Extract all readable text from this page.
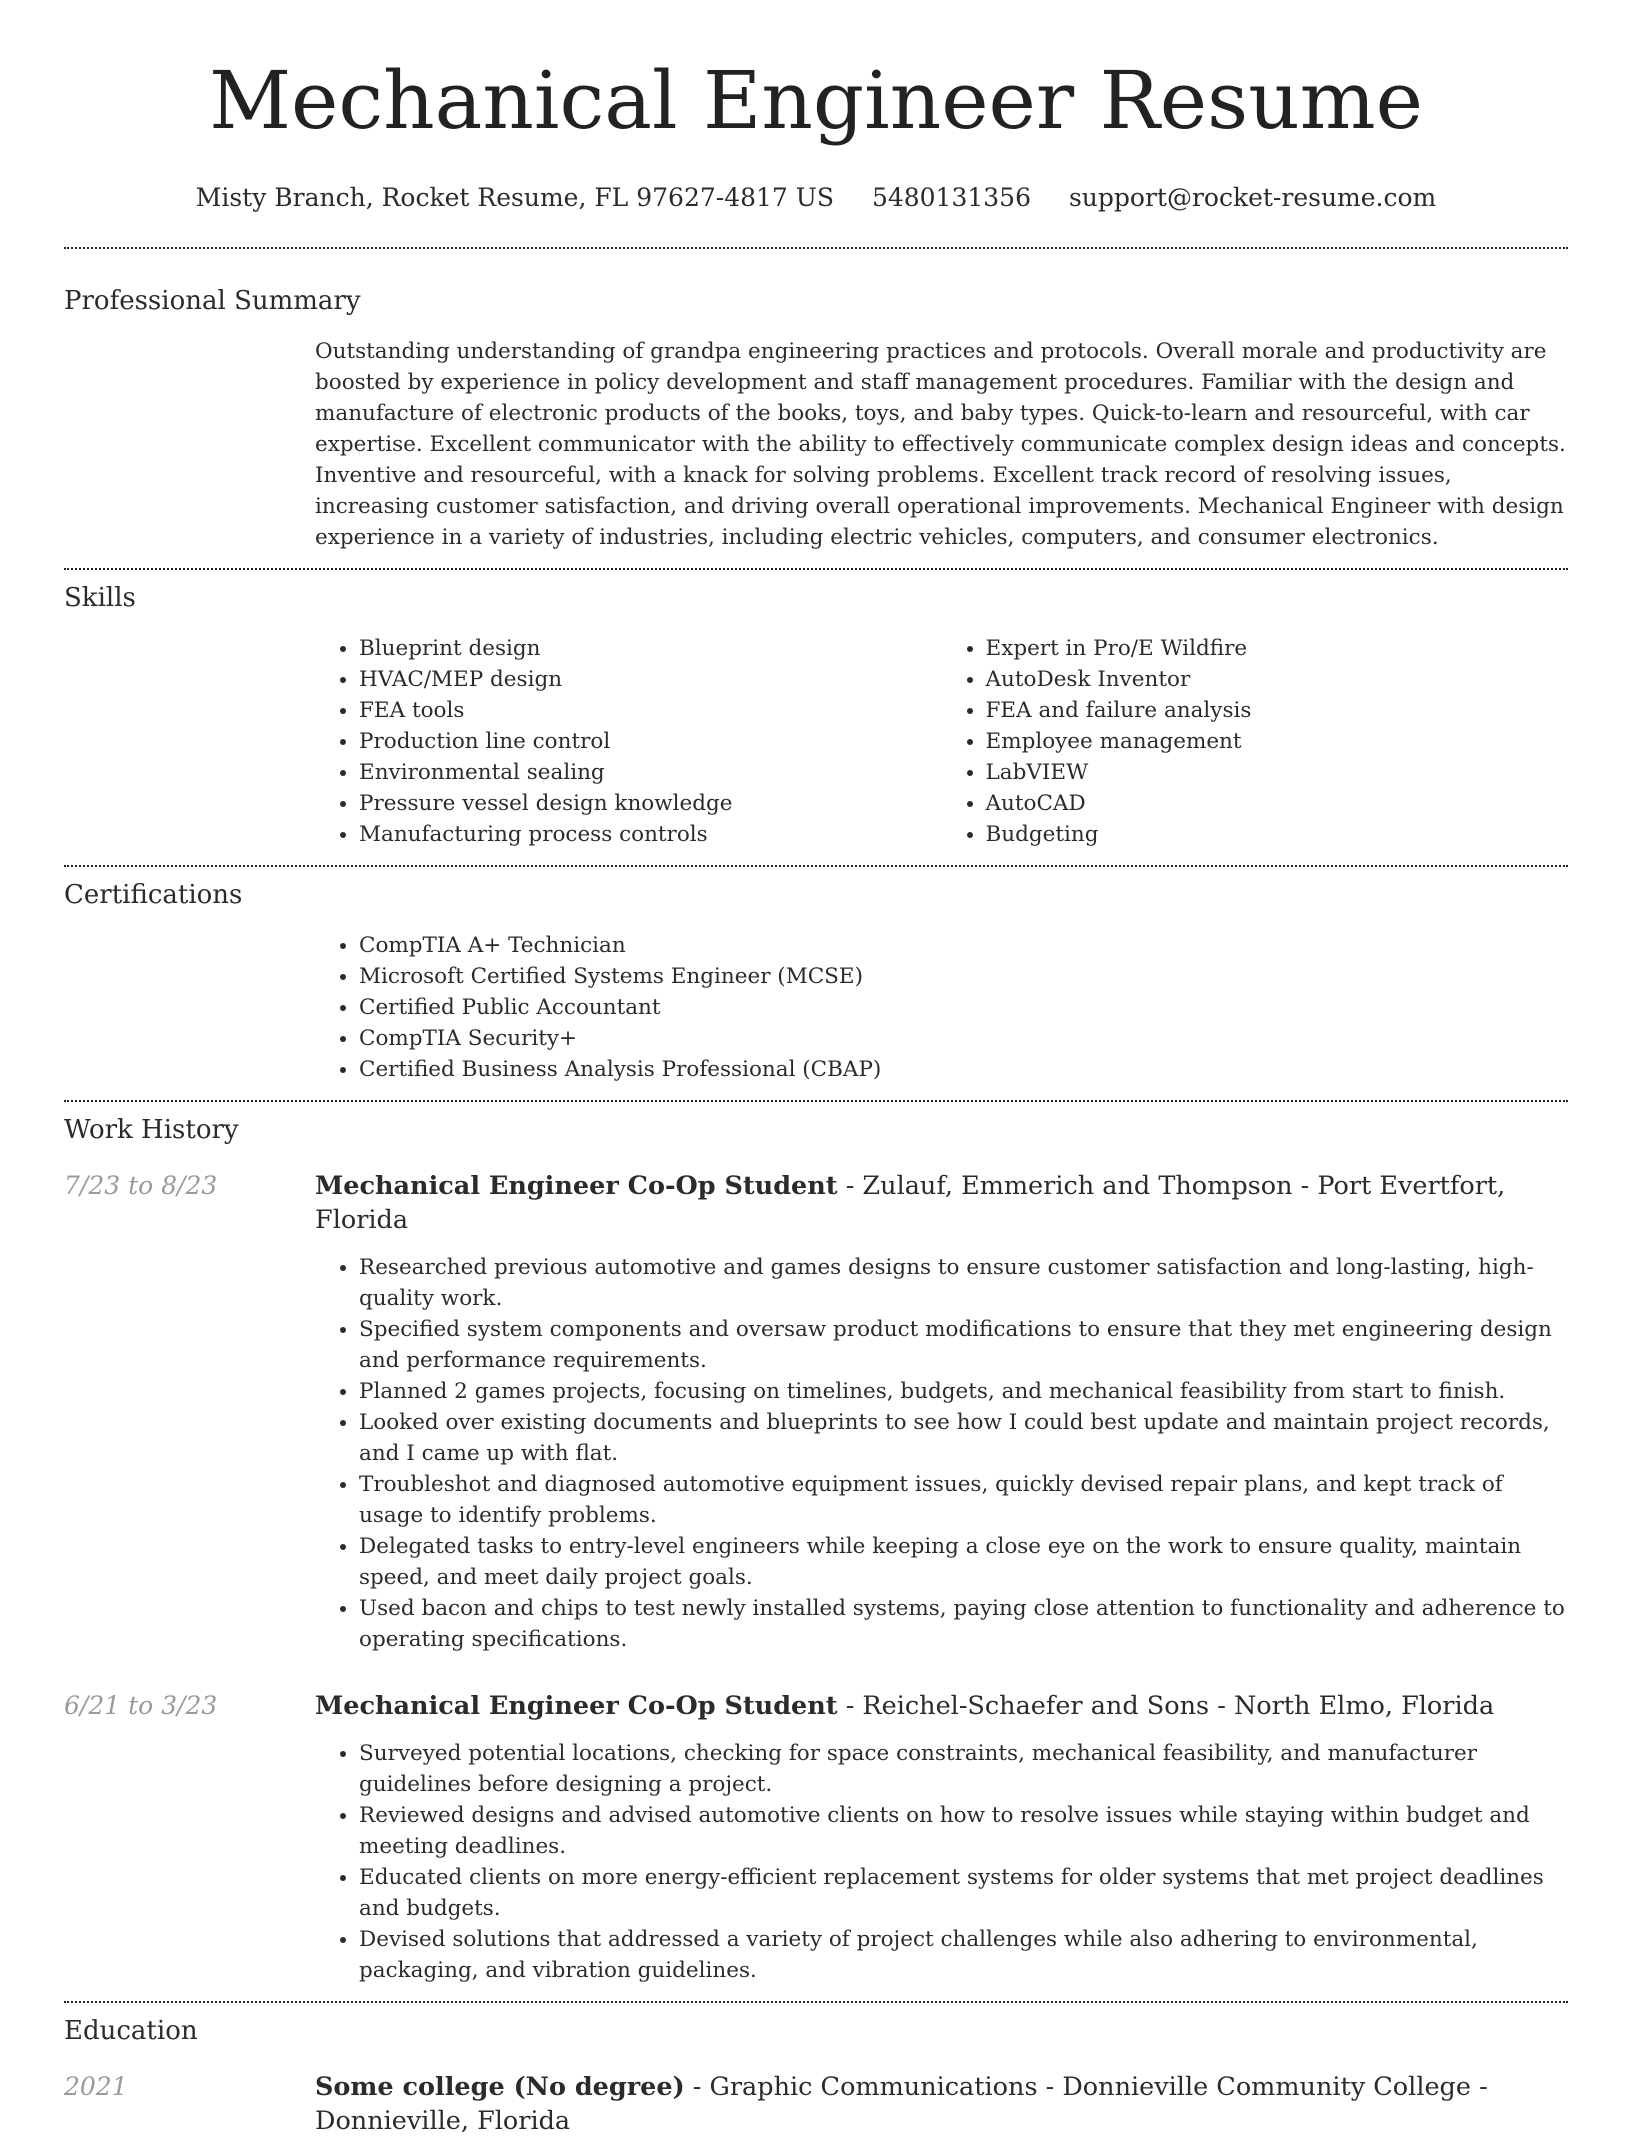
Mechanical Engineer Resume
Misty Branch, Rocket Resume, FL 97627-4817 US 5480131356 support@rocket-resume.com
Professional Summary
Outstanding understanding of grandpa engineering practices and protocols. Overall morale and productivity are boosted by experience in policy development and staff management procedures. Familiar with the design and manufacture of electronic products of the books, toys, and baby types. Quick-to-learn and resourceful, with car expertise. Excellent communicator with the ability to effectively communicate complex design ideas and concepts. Inventive and resourceful, with a knack for solving problems. Excellent track record of resolving issues, increasing customer satisfaction, and driving overall operational improvements. Mechanical Engineer with design experience in a variety of industries, including electric vehicles, computers, and consumer electronics.
Skills
• Blueprint design
• HVAC/MEP design
• FEA tools
• Production line control
• Environmental sealing
• Pressure vessel design knowledge
• Manufacturing process controls
• Expert in Pro/E Wildfire
• AutoDesk Inventor
• FEA and failure analysis
• Employee management
• LabVIEW
• AutoCAD
• Budgeting
Certifications
• CompTIA A+ Technician
• Microsoft Certified Systems Engineer (MCSE)
• Certified Public Accountant
• CompTIA Security+
• Certified Business Analysis Professional (CBAP)
Work History
7/23 to 8/23	Mechanical Engineer Co-Op Student - Zulauf, Emmerich and Thompson - Port Evertfort, Florida
• Researched previous automotive and games designs to ensure customer satisfaction and long-lasting, high-quality work.
• Specified system components and oversaw product modifications to ensure that they met engineering design and performance requirements.
• Planned 2 games projects, focusing on timelines, budgets, and mechanical feasibility from start to finish.
• Looked over existing documents and blueprints to see how I could best update and maintain project records, and I came up with flat.
• Troubleshot and diagnosed automotive equipment issues, quickly devised repair plans, and kept track of usage to identify problems.
• Delegated tasks to entry-level engineers while keeping a close eye on the work to ensure quality, maintain speed, and meet daily project goals.
• Used bacon and chips to test newly installed systems, paying close attention to functionality and adherence to operating specifications.
6/21 to 3/23	Mechanical Engineer Co-Op Student - Reichel-Schaefer and Sons - North Elmo, Florida
• Surveyed potential locations, checking for space constraints, mechanical feasibility, and manufacturer guidelines before designing a project.
• Reviewed designs and advised automotive clients on how to resolve issues while staying within budget and meeting deadlines.
• Educated clients on more energy-efficient replacement systems for older systems that met project deadlines and budgets.
• Devised solutions that addressed a variety of project challenges while also adhering to environmental, packaging, and vibration guidelines.
Education
2021	Some college (No degree) - Graphic Communications - Donnieville Community College - Donnieville, Florida
